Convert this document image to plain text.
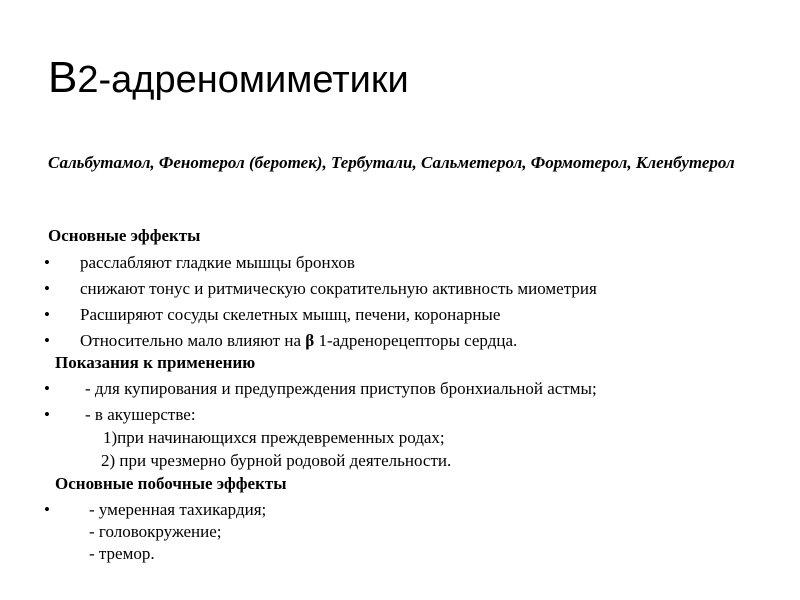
B2-адреномиметики
Сальбутамол, Фенотерол (беротек), Тербутали, Сальметерол, Формотерол, Кленбутерол
Основные эффекты
• расслабляют гладкие мышцы бронхов
• снижают тонус и ритмическую сократительную активность миометрия
• Расширяют сосуды скелетных мышц, печени, коронарные
• Относительно мало влияют на β 1-адренорецепторы сердца.
Показания к применению
• - для купирования и предупреждения приступов бронхиальной астмы;
• - в акушерстве:
1)при начинающихся преждевременных родах;
2) при чрезмерно бурной родовой деятельности.
Основные побочные эффекты
• - умеренная тахикардия;
- головокружение;
- тремор.
